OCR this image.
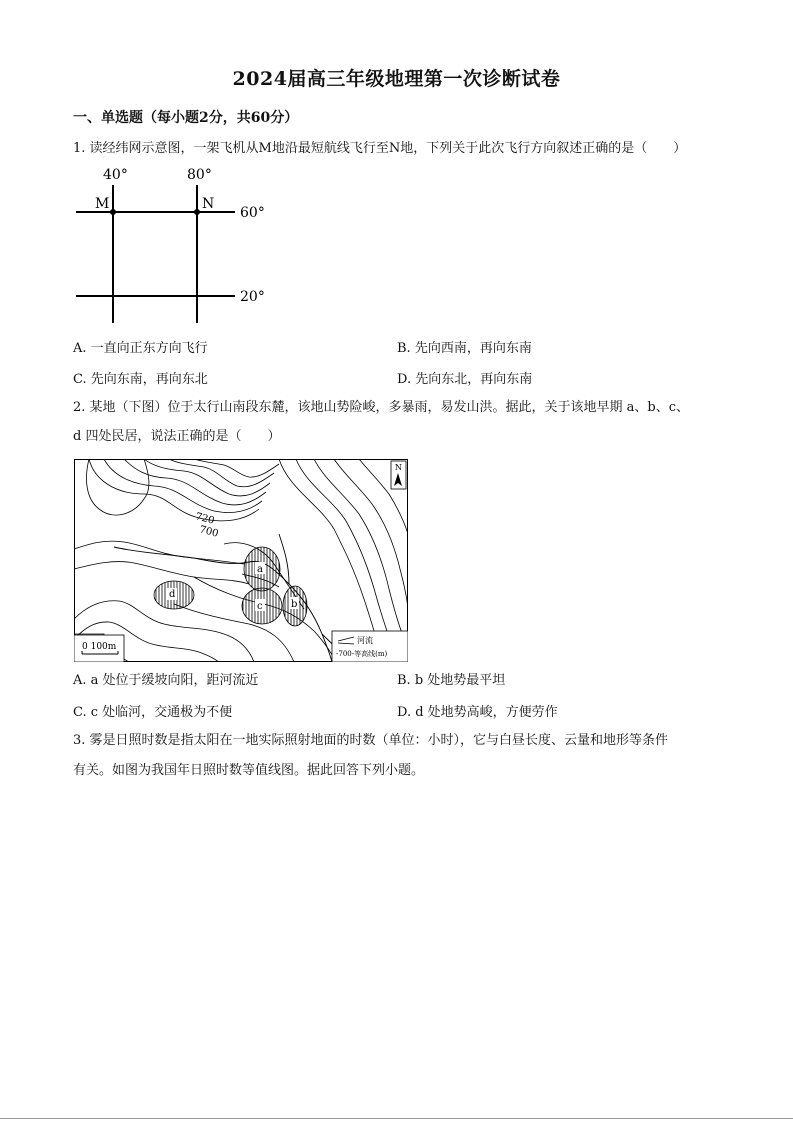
2024届高三年级地理第一次诊断试卷
一、单选题（每小题2分，共60分）
1. 读经纬网示意图，一架飞机从M地沿最短航线飞行至N地，下列关于此次飞行方向叙述正确的是（　　）
40°	80°
M	N
60°
20°
A. 一直向正东方向飞行	B. 先向西南，再向东南
C. 先向东南，再向东北	D. 先向东北，再向东南
2. 某地（下图）位于太行山南段东麓，该地山势险峻，多暴雨，易发山洪。据此，关于该地早期 a、b、c、
d 四处民居，说法正确的是（　　）
a
c	b
d
720
700
N
0 100m
河流
-700-等高线(m)
A. a 处位于缓坡向阳，距河流近	B. b 处地势最平坦
C. c 处临河，交通极为不便	D. d 处地势高峻，方便劳作
3. 雾是日照时数是指太阳在一地实际照射地面的时数（单位：小时），它与白昼长度、云量和地形等条件
有关。如图为我国年日照时数等值线图。据此回答下列小题。
